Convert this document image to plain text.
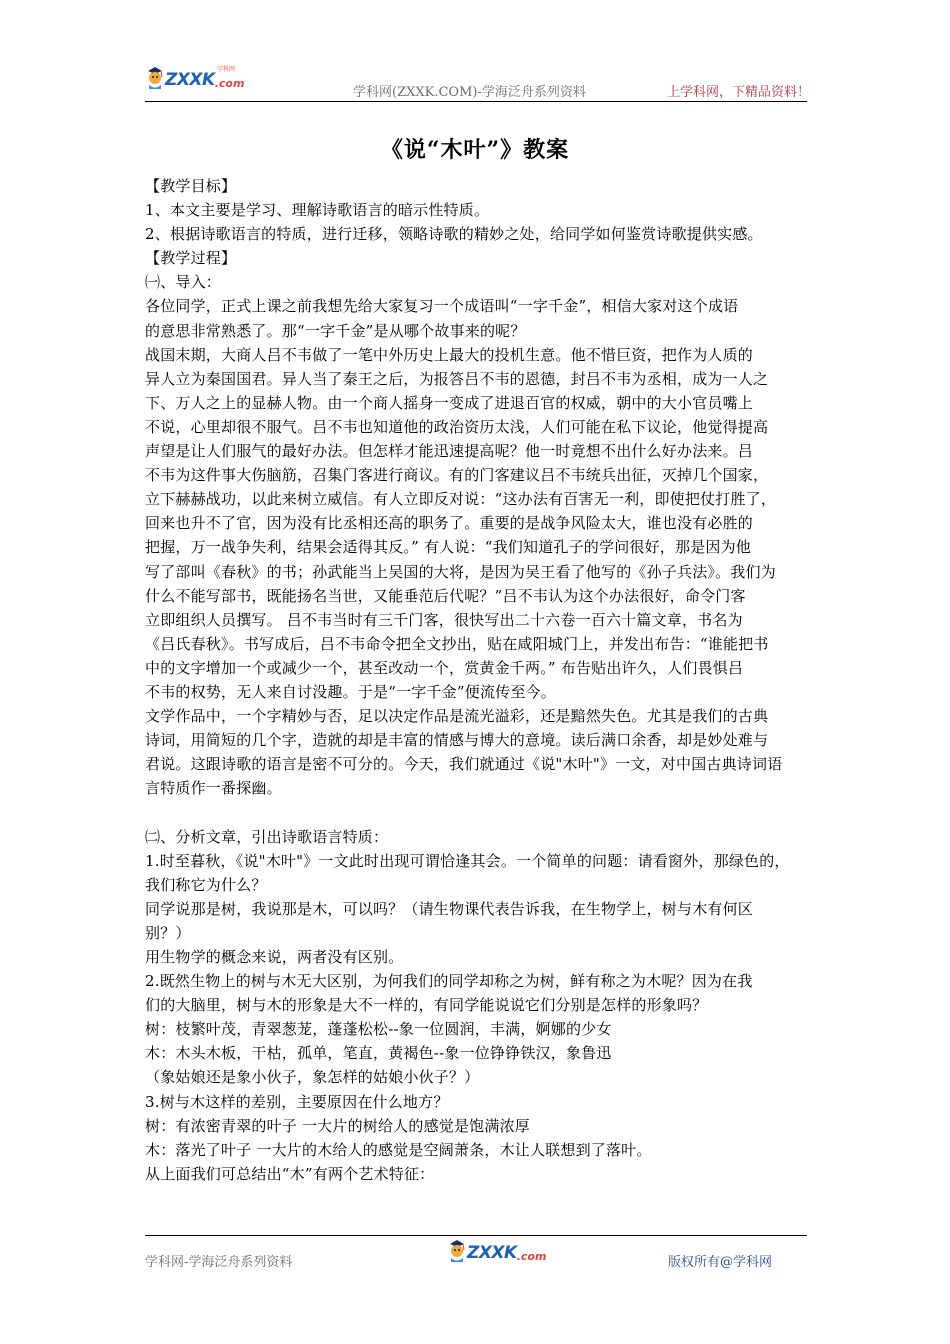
ZXXK .com
学科网
学科网(ZXXK.COM)-学海泛舟系列资料	上学科网，下精品资料！
《说“木叶”》教案
【教学目标】
1、本文主要是学习、理解诗歌语言的暗示性特质。
2、根据诗歌语言的特质，进行迁移，领略诗歌的精妙之处，给同学如何鉴赏诗歌提供实感。
【教学过程】
㈠、导入：
各位同学，正式上课之前我想先给大家复习一个成语叫“一字千金”，相信大家对这个成语
的意思非常熟悉了。那“一字千金”是从哪个故事来的呢？
战国末期，大商人吕不韦做了一笔中外历史上最大的投机生意。他不惜巨资，把作为人质的
异人立为秦国国君。异人当了秦王之后，为报答吕不韦的恩德，封吕不韦为丞相，成为一人之
下、万人之上的显赫人物。由一个商人摇身一变成了进退百官的权威，朝中的大小官员嘴上
不说，心里却很不服气。吕不韦也知道他的政治资历太浅，人们可能在私下议论，他觉得提高
声望是让人们服气的最好办法。但怎样才能迅速提高呢？他一时竟想不出什么好办法来。吕
不韦为这件事大伤脑筋，召集门客进行商议。有的门客建议吕不韦统兵出征，灭掉几个国家，
立下赫赫战功，以此来树立威信。有人立即反对说：“这办法有百害无一利，即使把仗打胜了，
回来也升不了官，因为没有比丞相还高的职务了。重要的是战争风险太大，谁也没有必胜的
把握，万一战争失利，结果会适得其反。” 有人说：“我们知道孔子的学问很好，那是因为他
写了部叫《春秋》的书；孙武能当上吴国的大将，是因为吴王看了他写的《孙子兵法》。我们为
什么不能写部书，既能扬名当世，又能垂范后代呢？”吕不韦认为这个办法很好，命令门客
立即组织人员撰写。 吕不韦当时有三千门客，很快写出二十六卷一百六十篇文章，书名为
《吕氏春秋》。书写成后，吕不韦命令把全文抄出，贴在咸阳城门上，并发出布告：“谁能把书
中的文字增加一个或减少一个，甚至改动一个，赏黄金千两。” 布告贴出许久，人们畏惧吕
不韦的权势，无人来自讨没趣。于是“一字千金”便流传至今。
文学作品中，一个字精妙与否，足以决定作品是流光溢彩，还是黯然失色。尤其是我们的古典
诗词，用简短的几个字，造就的却是丰富的情感与博大的意境。读后满口余香，却是妙处难与
君说。这跟诗歌的语言是密不可分的。今天，我们就通过《说"木叶"》一文，对中国古典诗词语
言特质作一番探幽。
㈡、分析文章，引出诗歌语言特质：
1.时至暮秋，《说"木叶"》一文此时出现可谓恰逢其会。一个简单的问题：请看窗外，那绿色的，
我们称它为什么？
同学说那是树，我说那是木，可以吗？（请生物课代表告诉我，在生物学上，树与木有何区
别？）
用生物学的概念来说，两者没有区别。
2.既然生物上的树与木无大区别，为何我们的同学却称之为树，鲜有称之为木呢？因为在我
们的大脑里，树与木的形象是大不一样的，有同学能说说它们分别是怎样的形象吗？
树：枝繁叶茂，青翠葱茏，蓬蓬松松--象一位圆润，丰满，婀娜的少女
木：木头木板，干枯，孤单，笔直，黄褐色--象一位铮铮铁汉，象鲁迅
（象姑娘还是象小伙子，象怎样的姑娘小伙子？）
3.树与木这样的差别，主要原因在什么地方？
树：有浓密青翠的叶子 一大片的树给人的感觉是饱满浓厚
木：落光了叶子 一大片的木给人的感觉是空阔萧条，木让人联想到了落叶。
从上面我们可总结出“木”有两个艺术特征：
学科网-学海泛舟系列资料	ZXXK .com	版权所有@学科网
